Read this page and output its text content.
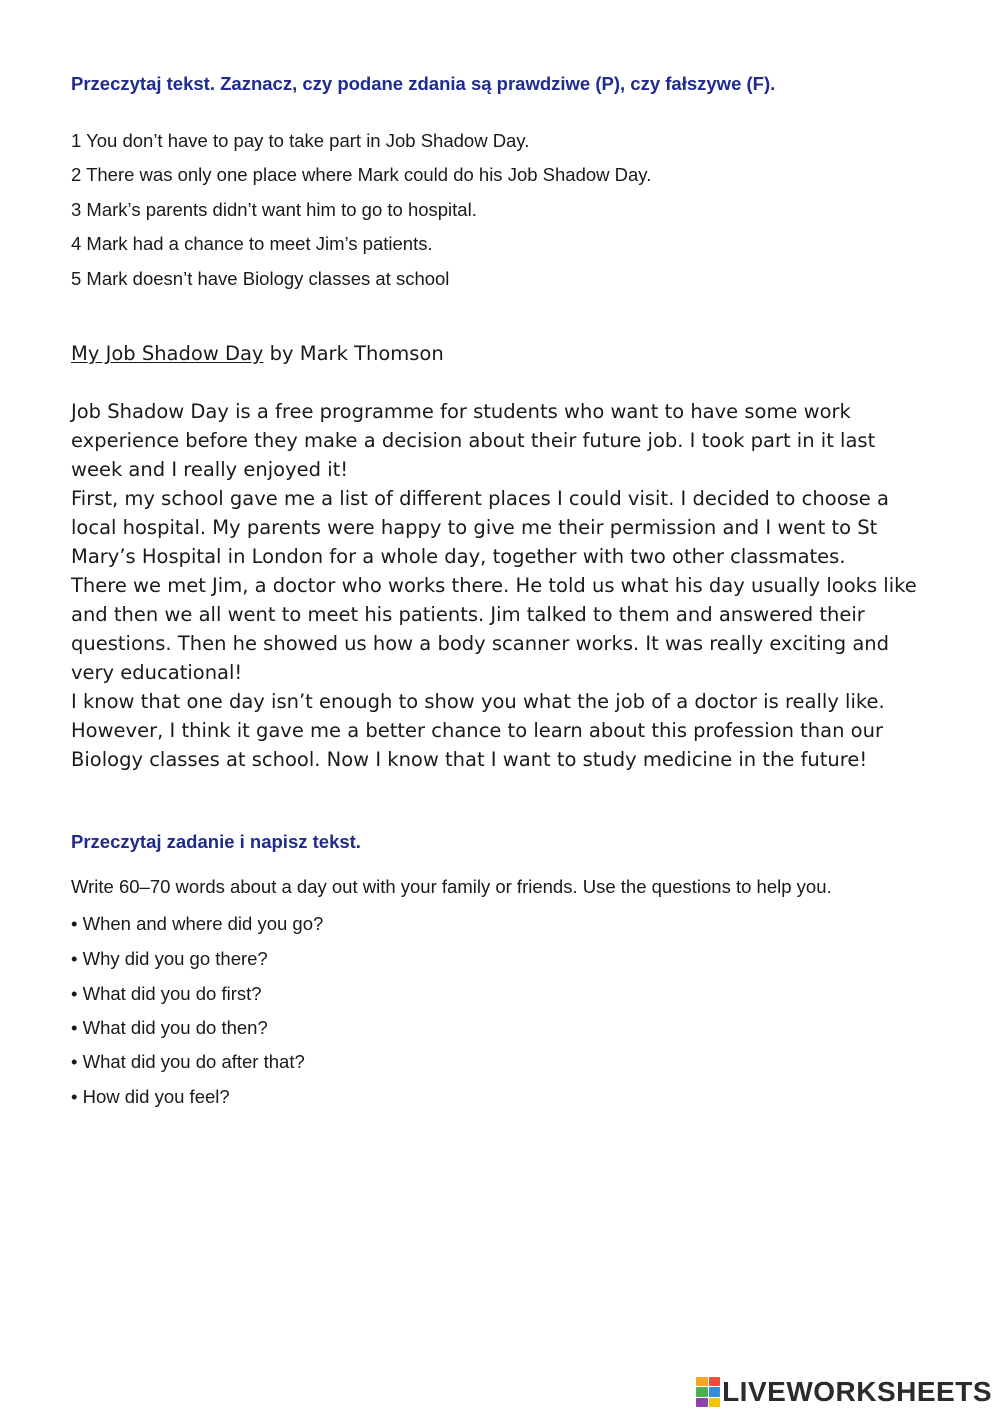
Przeczytaj tekst. Zaznacz, czy podane zdania są prawdziwe (P), czy fałszywe (F).
1 You don’t have to pay to take part in Job Shadow Day.
2 There was only one place where Mark could do his Job Shadow Day.
3 Mark’s parents didn’t want him to go to hospital.
4 Mark had a chance to meet Jim’s patients.
5 Mark doesn’t have Biology classes at school
My Job Shadow Day by Mark Thomson

Job Shadow Day is a free programme for students who want to have some work experience before they make a decision about their future job. I took part in it last week and I really enjoyed it!

First, my school gave me a list of different places I could visit. I decided to choose a local hospital. My parents were happy to give me their permission and I went to St Mary’s Hospital in London for a whole day, together with two other classmates.

There we met Jim, a doctor who works there. He told us what his day usually looks like and then we all went to meet his patients. Jim talked to them and answered their questions. Then he showed us how a body scanner works. It was really exciting and very educational!

I know that one day isn’t enough to show you what the job of a doctor is really like. However, I think it gave me a better chance to learn about this profession than our Biology classes at school. Now I know that I want to study medicine in the future!

Przeczytaj zadanie i napisz tekst.
Write 60–70 words about a day out with your family or friends. Use the questions to help you.
• When and where did you go?
• Why did you go there?
• What did you do first?
• What did you do then?
• What did you do after that?
• How did you feel?
LIVEWORKSHEETS
